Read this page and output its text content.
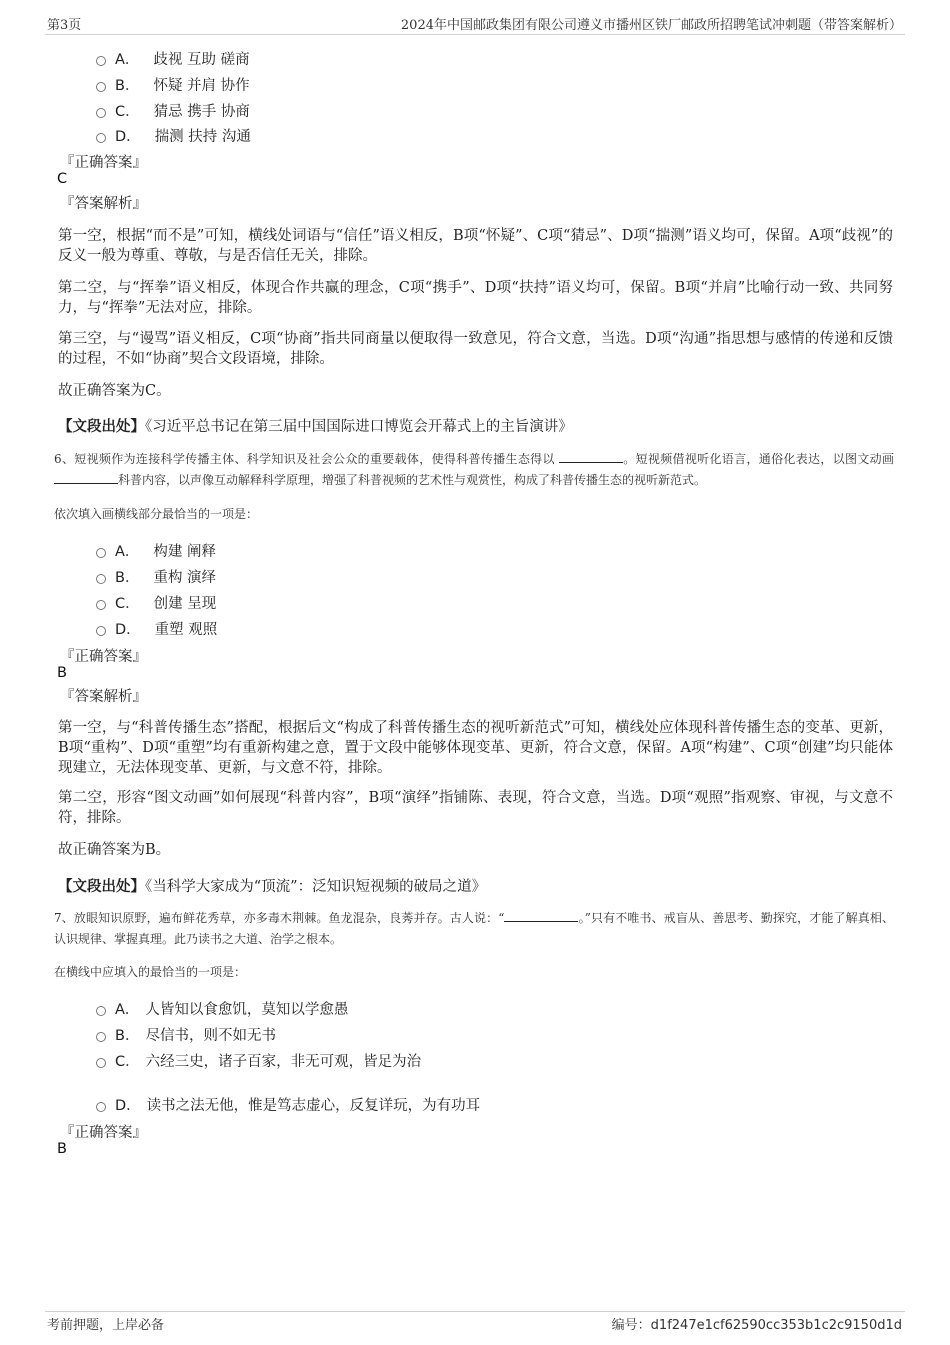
第3页	2024年中国邮政集团有限公司遵义市播州区铁厂邮政所招聘笔试冲刺题（带答案解析）
A． 歧视 互助 磋商
B． 怀疑 并肩 协作
C． 猜忌 携手 协商
D． 揣测 扶持 沟通
『正确答案』
C
『答案解析』

第一空，根据“而不是”可知，横线处词语与“信任”语义相反，B项“怀疑”、C项“猜忌”、D项“揣测”语义均可，保留。A项“歧视”的反义一般为尊重、尊敬，与是否信任无关，排除。

第二空，与“挥拳”语义相反，体现合作共赢的理念，C项“携手”、D项“扶持”语义均可，保留。B项“并肩”比喻行动一致、共同努力，与“挥拳”无法对应，排除。

第三空，与“谩骂”语义相反，C项“协商”指共同商量以便取得一致意见，符合文意，当选。D项“沟通”指思想与感情的传递和反馈的过程，不如“协商”契合文段语境，排除。

故正确答案为C。

【文段出处】《习近平总书记在第三届中国国际进口博览会开幕式上的主旨演讲》

6、短视频作为连接科学传播主体、科学知识及社会公众的重要载体，使得科普传播生态得以	。短视频借视听化语言，通俗化表达，以图文动画 科普内容，以声像互动解释科学原理，增强了科普视频的艺术性与观赏性，构成了科普传播生态的视听新范式。

依次填入画横线部分最恰当的一项是：
A． 构建 阐释
B． 重构 演绎
C． 创建 呈现
D． 重塑 观照
『正确答案』
B
『答案解析』

第一空，与“科普传播生态”搭配，根据后文“构成了科普传播生态的视听新范式”可知，横线处应体现科普传播生态的变革、更新，B项“重构”、D项“重塑”均有重新构建之意，置于文段中能够体现变革、更新，符合文意，保留。A项“构建”、C项“创建”均只能体现建立，无法体现变革、更新，与文意不符，排除。

第二空，形容“图文动画”如何展现“科普内容”，B项“演绎”指铺陈、表现，符合文意，当选。D项“观照”指观察、审视，与文意不符，排除。

故正确答案为B。

【文段出处】《当科学大家成为“顶流”：泛知识短视频的破局之道》

7、放眼知识原野，遍布鲜花秀草，亦多毒木荆棘。鱼龙混杂，良莠并存。古人说：“	。”只有不唯书、戒盲从、善思考、勤探究，才能了解真相、认识规律、掌握真理。此乃读书之大道、治学之根本。

在横线中应填入的最恰当的一项是：
A． 人皆知以食愈饥，莫知以学愈愚
B． 尽信书，则不如无书
C． 六经三史，诸子百家，非无可观，皆足为治
D． 读书之法无他，惟是笃志虚心，反复详玩，为有功耳
『正确答案』
B
考前押题，上岸必备	编号：d1f247e1cf62590cc353b1c2c9150d1d
